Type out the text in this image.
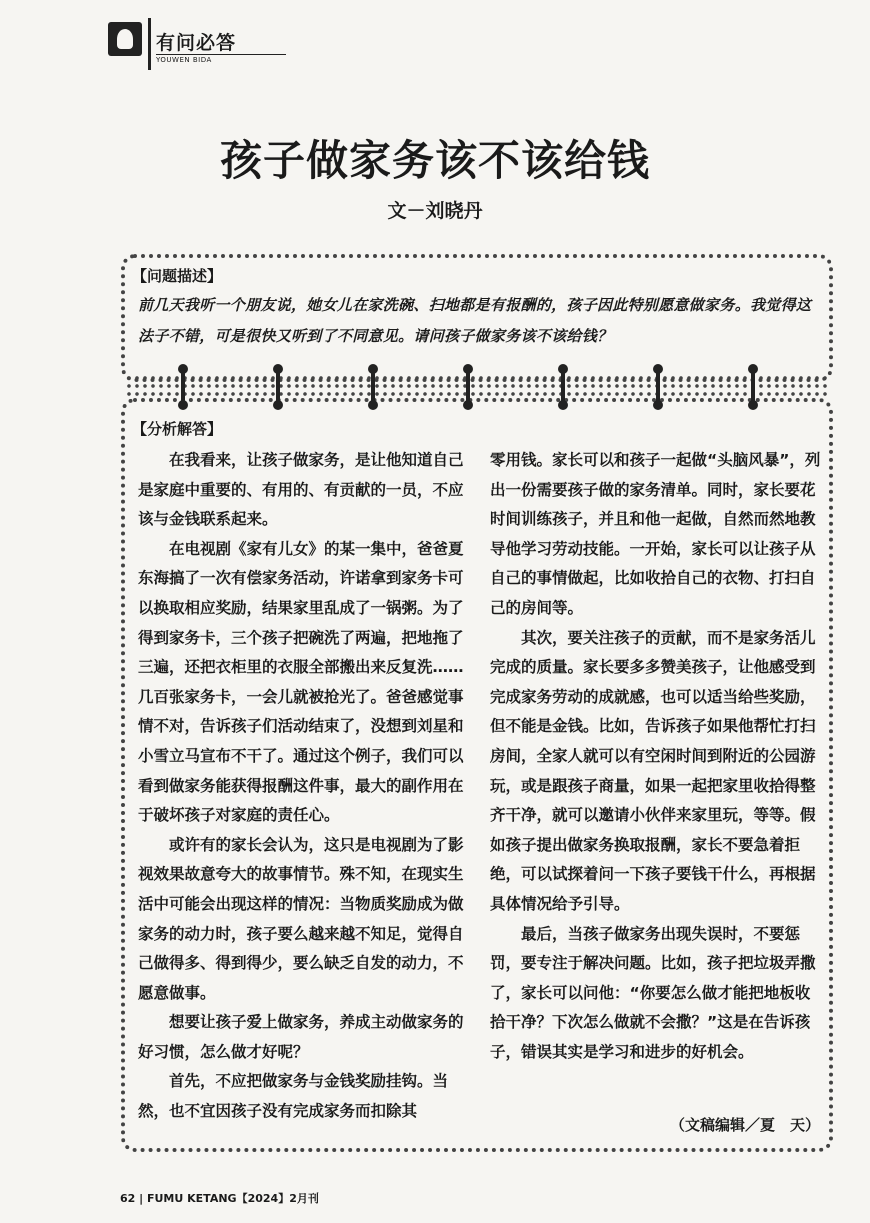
有问必答
YOUWEN BIDA
孩子做家务该不该给钱
文－刘晓丹
【问题描述】
前几天我听一个朋友说，她女儿在家洗碗、扫地都是有报酬的，孩子因此特别愿意做家务。我觉得这法子不错，可是很快又听到了不同意见。请问孩子做家务该不该给钱？
【分析解答】

在我看来，让孩子做家务，是让他知道自己是家庭中重要的、有用的、有贡献的一员，不应该与金钱联系起来。

在电视剧《家有儿女》的某一集中，爸爸夏东海搞了一次有偿家务活动，许诺拿到家务卡可以换取相应奖励，结果家里乱成了一锅粥。为了得到家务卡，三个孩子把碗洗了两遍，把地拖了三遍，还把衣柜里的衣服全部搬出来反复洗……几百张家务卡，一会儿就被抢光了。爸爸感觉事情不对，告诉孩子们活动结束了，没想到刘星和小雪立马宣布不干了。通过这个例子，我们可以看到做家务能获得报酬这件事，最大的副作用在于破坏孩子对家庭的责任心。

或许有的家长会认为，这只是电视剧为了影视效果故意夸大的故事情节。殊不知，在现实生活中可能会出现这样的情况：当物质奖励成为做家务的动力时，孩子要么越来越不知足，觉得自己做得多、得到得少，要么缺乏自发的动力，不愿意做事。

想要让孩子爱上做家务，养成主动做家务的好习惯，怎么做才好呢？

首先，不应把做家务与金钱奖励挂钩。当然，也不宜因孩子没有完成家务而扣除其

零用钱。家长可以和孩子一起做“头脑风暴”，列出一份需要孩子做的家务清单。同时，家长要花时间训练孩子，并且和他一起做，自然而然地教导他学习劳动技能。一开始，家长可以让孩子从自己的事情做起，比如收拾自己的衣物、打扫自己的房间等。

其次，要关注孩子的贡献，而不是家务活儿完成的质量。家长要多多赞美孩子，让他感受到完成家务劳动的成就感，也可以适当给些奖励，但不能是金钱。比如，告诉孩子如果他帮忙打扫房间，全家人就可以有空闲时间到附近的公园游玩，或是跟孩子商量，如果一起把家里收拾得整齐干净，就可以邀请小伙伴来家里玩，等等。假如孩子提出做家务换取报酬，家长不要急着拒绝，可以试探着问一下孩子要钱干什么，再根据具体情况给予引导。

最后，当孩子做家务出现失误时，不要惩罚，要专注于解决问题。比如，孩子把垃圾弄撒了，家长可以问他：“你要怎么做才能把地板收拾干净？下次怎么做就不会撒？”这是在告诉孩子，错误其实是学习和进步的好机会。

（文稿编辑／夏　天）
62 | FUMU KETANG【2024】2月刊
